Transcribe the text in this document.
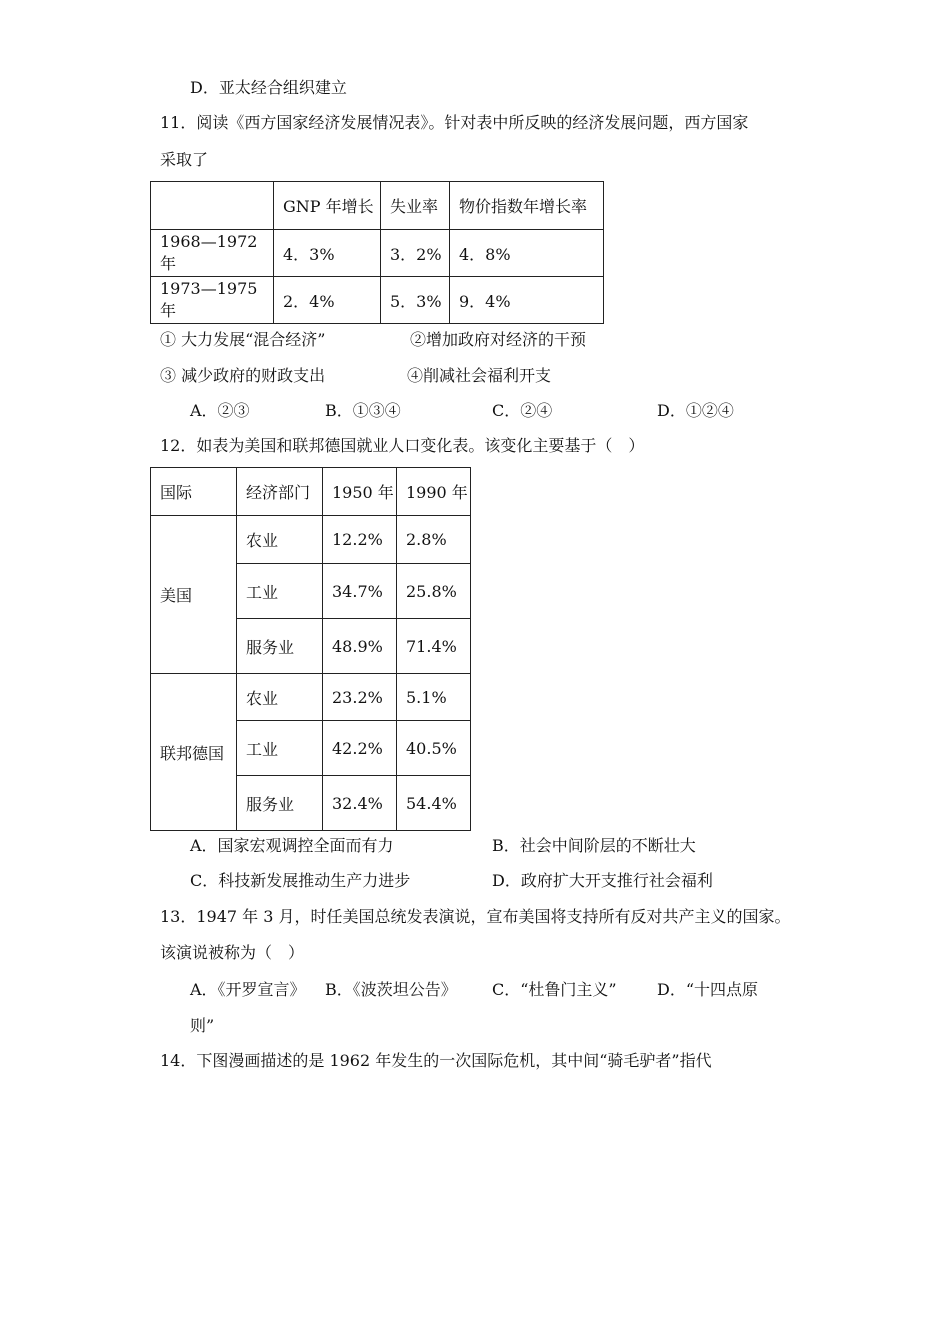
D．亚太经合组织建立
11．阅读《西方国家经济发展情况表》。针对表中所反映的经济发展问题，西方国家
采取了
	GNP 年增长	失业率	物价指数年增长率
1968—1972 年	4．3%	3．2%	4．8%
1973—1975 年	2．4%	5．3%	9．4%
① 大力发展“混合经济”	②增加政府对经济的干预
③ 减少政府的财政支出	④削减社会福利开支
A．②③	B．①③④	C．②④	D．①②④
12．如表为美国和联邦德国就业人口变化表。该变化主要基于（　）
国际	经济部门	1950 年	1990 年
美国	农业	12.2%	2.8%
	工业	34.7%	25.8%
	服务业	48.9%	71.4%
联邦德国	农业	23.2%	5.1%
	工业	42.2%	40.5%
	服务业	32.4%	54.4%
A．国家宏观调控全面而有力	B．社会中间阶层的不断壮大
C．科技新发展推动生产力进步	D．政府扩大开支推行社会福利
13．1947 年 3 月，时任美国总统发表演说，宣布美国将支持所有反对共产主义的国家。
该演说被称为（　）
A．《开罗宣言》 B．《波茨坦公告》 C．“杜鲁门主义”	D．“十四点原
则”
14．下图漫画描述的是 1962 年发生的一次国际危机，其中间“骑毛驴者”指代
